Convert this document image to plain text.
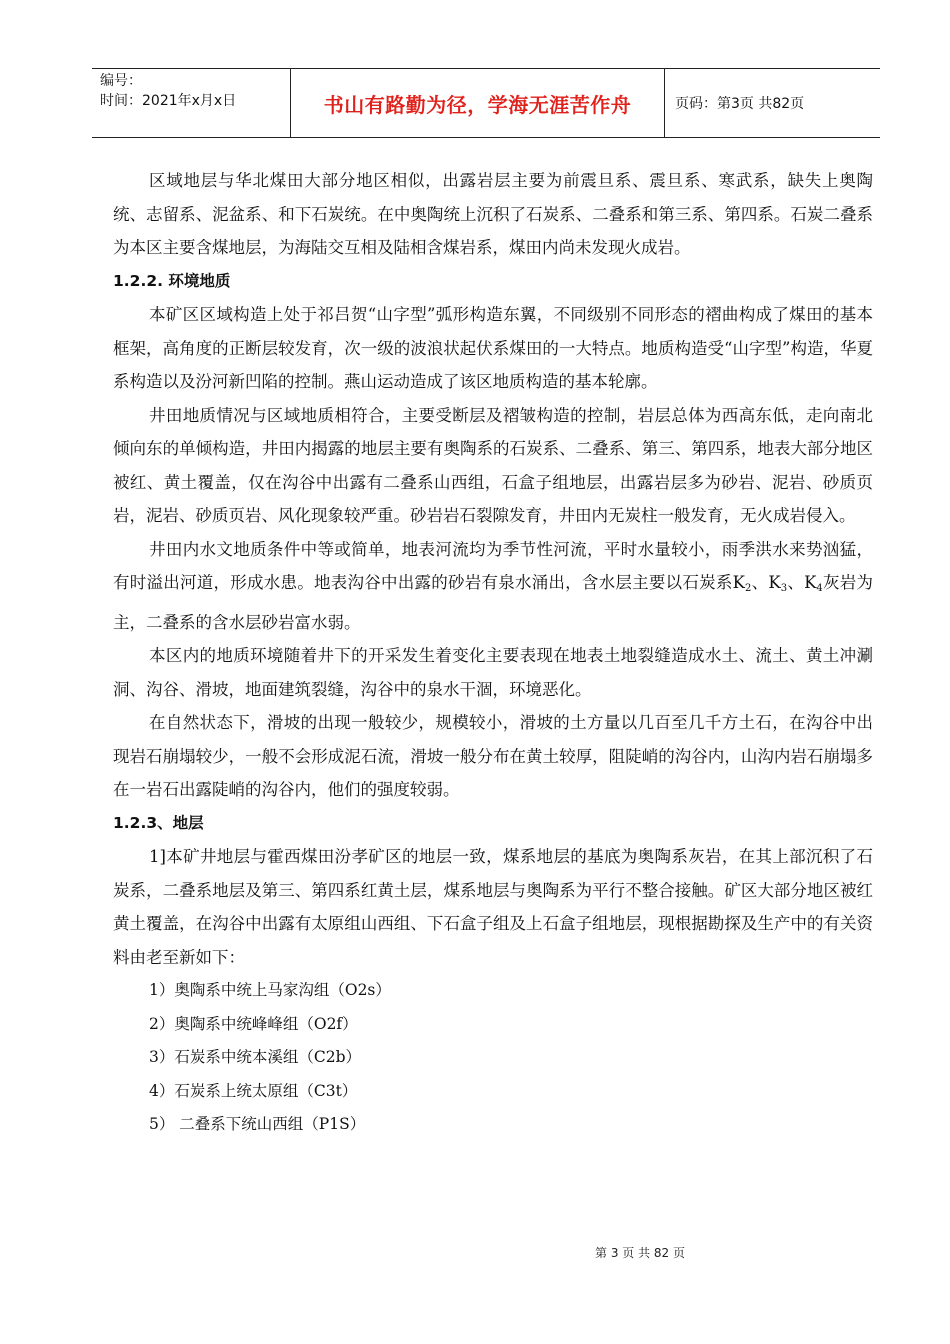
编号：
时间：2021年x月x日	书山有路勤为径，学海无涯苦作舟	页码：第3页 共82页

区域地层与华北煤田大部分地区相似，出露岩层主要为前震旦系、震旦系、寒武系，缺失上奥陶统、志留系、泥盆系、和下石炭统。在中奥陶统上沉积了石炭系、二叠系和第三系、第四系。石炭二叠系为本区主要含煤地层，为海陆交互相及陆相含煤岩系，煤田内尚未发现火成岩。

1.2.2. 环境地质

本矿区区域构造上处于祁吕贺“山字型”弧形构造东翼，不同级别不同形态的褶曲构成了煤田的基本框架，高角度的正断层较发育，次一级的波浪状起伏系煤田的一大特点。地质构造受“山字型”构造，华夏系构造以及汾河新凹陷的控制。燕山运动造成了该区地质构造的基本轮廓。

井田地质情况与区域地质相符合，主要受断层及褶皱构造的控制，岩层总体为西高东低，走向南北倾向东的单倾构造，井田内揭露的地层主要有奥陶系的石炭系、二叠系、第三、第四系，地表大部分地区被红、黄土覆盖，仅在沟谷中出露有二叠系山西组，石盒子组地层，出露岩层多为砂岩、泥岩、砂质页岩，泥岩、砂质页岩、风化现象较严重。砂岩岩石裂隙发育，井田内无炭柱一般发育，无火成岩侵入。

井田内水文地质条件中等或简单，地表河流均为季节性河流，平时水量较小，雨季洪水来势汹猛，有时溢出河道，形成水患。地表沟谷中出露的砂岩有泉水涌出，含水层主要以石炭系$K_2$、$K_3$、$K_4$灰岩为主，二叠系的含水层砂岩富水弱。

本区内的地质环境随着井下的开采发生着变化主要表现在地表土地裂缝造成水土、流土、黄土冲涮洞、沟谷、滑坡，地面建筑裂缝，沟谷中的泉水干涸，环境恶化。

在自然状态下，滑坡的出现一般较少，规模较小，滑坡的土方量以几百至几千方土石，在沟谷中出现岩石崩塌较少，一般不会形成泥石流，滑坡一般分布在黄土较厚，阻陡峭的沟谷内，山沟内岩石崩塌多在一岩石出露陡峭的沟谷内，他们的强度较弱。

1.2.3、地层

1]本矿井地层与霍西煤田汾孝矿区的地层一致，煤系地层的基底为奥陶系灰岩，在其上部沉积了石炭系，二叠系地层及第三、第四系红黄土层，煤系地层与奥陶系为平行不整合接触。矿区大部分地区被红黄土覆盖，在沟谷中出露有太原组山西组、下石盒子组及上石盒子组地层，现根据勘探及生产中的有关资料由老至新如下：

1）奥陶系中统上马家沟组（O2s）

2）奥陶系中统峰峰组（O2f）

3）石炭系中统本溪组（C2b）

4）石炭系上统太原组（C3t）

5） 二叠系下统山西组（P1S）

第 3 页 共 82 页
